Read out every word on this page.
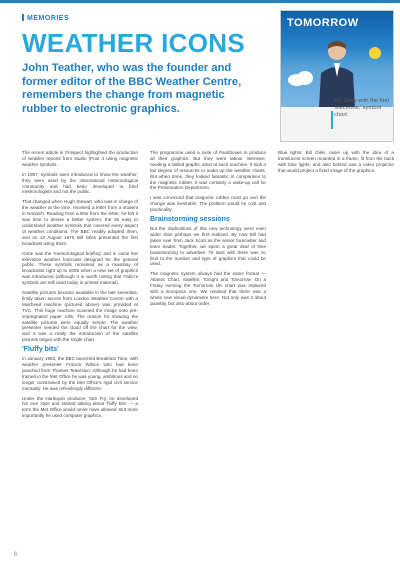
MEMORIES
WEATHER ICONS
John Teather, who was the founder and former editor of the BBC Weather Centre, remembers the change from magnetic rubber to electronic graphics.
TOMORROW
Bill Giles with the first 'electronic' symbol chart

The recent article in Prospect highlighted the production of weather reports from studio (Pool 4 using magnetic weather symbols.

In 1967, symbols were introduced to show the weather; they were used by the international meteorological community and had been developed to brief meteorologists and not the public.

That changed when Hugh Stewart, who was in charge of the weather at the time, received a letter from a student in Norwich. Reading from a little from the letter, he felt it was time to devise a better system; the 36 easy to understand weather symbols that covered every aspect of weather conditions. The BBC readily adopted them, and on 10 August 1975 Bill Giles presented the first broadcast using them.

Gone was the 'meteorological briefing' and in came live television weather forecasts designed for the general public. These symbols remained as a mainstay of broadcasts right up to 2005 when a new set of graphics was introduced (although it is worth noting that Fabio's symbols are still used today in printed material).

Satellite pictures became available in the late seventies, firstly taken across from London Weather Centre with a Muirhead machine (pictured above) was provided at TVC. This huge machine scanned the image onto pre-impregnated paper rolls. The reason for showing the satellite pictures were equally simple. The weather presenter needed the cloud off the chart for the view; and it was a really the introduction of the satellite pictures began with the single chart.

'Fluffy bits'

In January 1983, the BBC launched Breakfast Time, with weather presenter Francis Wilson who had been poached from Thames Television. Although he had been trained in the Met Office he was young, ambitious and no longer constrained by the Met Office's rigid civil service mentality. He was refreshingly different.

Under the Harlequin producer, Tam Fry, he developed his own style and started talking about 'fluffy bits' — a term the Met Office would never have allowed. But more importantly he used computer graphics.

The programme used a suite of Paintboxes to produce all their graphics. But they were labour intensive, needing a skilled graphic artist at each machine. It took a fair degree of resources to make up the weather charts. But when done, they looked fantastic in comparison to the magnetic rubber. It was certainly a wake-up call for the Presentation Department.

I was convinced that magnetic rubber must go and the change was inevitable. The problem would be cost and practicality.

Brainstorming sessions

But the implications of this new technology were even wider than perhaps we first realised. By now Bill had taken over from Jack Scott as the senior forecaster and team leader. Together, we spent a great deal of time brainstorming to advertise. To start with there was no limit to the number and type of graphics that could be used.

The magnetic system always had the same format — Atlantic Chart, Satellite, Tonight and Tomorrow. On a Friday evening the Tomorrow UK chart was replaced with a European one. We realised that there was a whole new visual dynamism here. Not only was it about quantity, but also about order.

Blue lights: Bill Giles came up with the idea of a translucent screen mounted in a frame, lit from the back with blue lights, and also behind was a video projector that would project a fixed image of the graphics.

6
